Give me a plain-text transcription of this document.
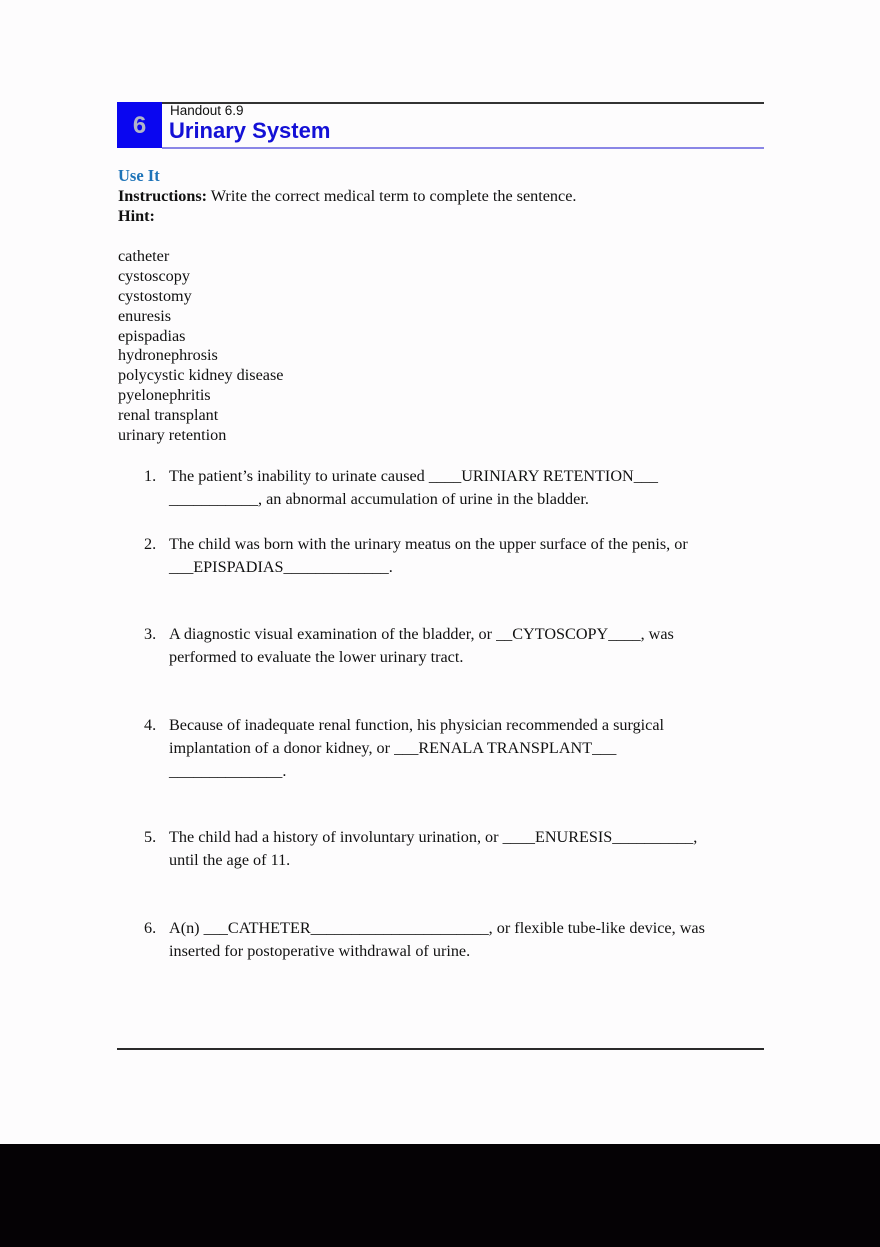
6
Handout 6.9
Urinary System
Use It
Instructions: Write the correct medical term to complete the sentence.
Hint:
catheter
cystoscopy
cystostomy
enuresis
epispadias
hydronephrosis
polycystic kidney disease
pyelonephritis
renal transplant
urinary retention
1. The patient’s inability to urinate caused ____URINIARY RETENTION___
___________, an abnormal accumulation of urine in the bladder.
2. The child was born with the urinary meatus on the upper surface of the penis, or
___EPISPADIAS_____________.
3. A diagnostic visual examination of the bladder, or __CYTOSCOPY____, was
performed to evaluate the lower urinary tract.
4. Because of inadequate renal function, his physician recommended a surgical
implantation of a donor kidney, or ___RENALA TRANSPLANT___
______________.
5. The child had a history of involuntary urination, or ____ENURESIS__________,
until the age of 11.
6. A(n) ___CATHETER______________________, or flexible tube-like device, was
inserted for postoperative withdrawal of urine.
